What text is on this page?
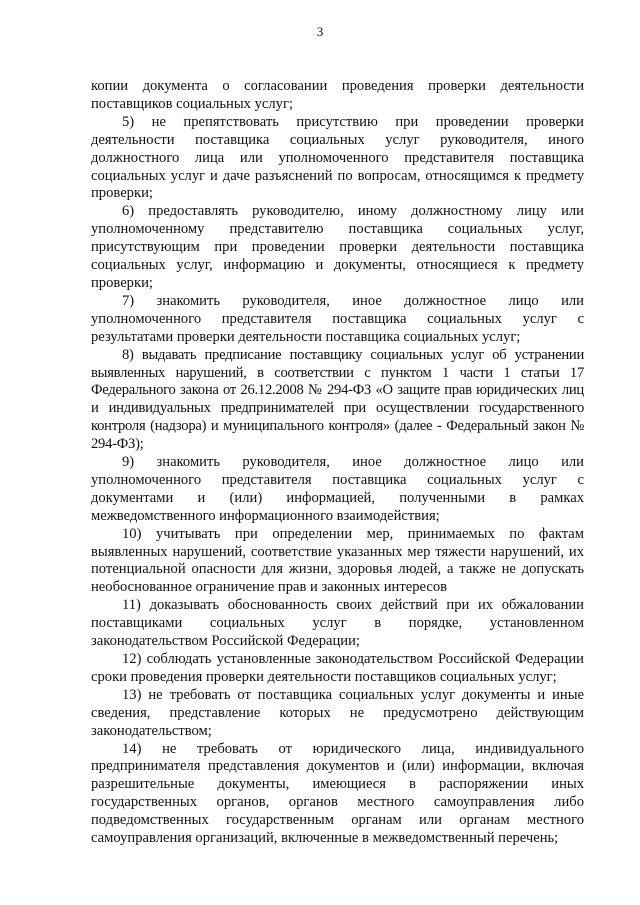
3

копии документа о согласовании проведения проверки деятельности поставщиков социальных услуг;

5) не препятствовать присутствию при проведении проверки деятельности поставщика социальных услуг руководителя, иного должностного лица или уполномоченного представителя поставщика социальных услуг и даче разъяснений по вопросам, относящимся к предмету проверки;

6) предоставлять руководителю, иному должностному лицу или уполномоченному представителю поставщика социальных услуг, присутствующим при проведении проверки деятельности поставщика социальных услуг, информацию и документы, относящиеся к предмету проверки;

7) знакомить руководителя, иное должностное лицо или уполномоченного представителя поставщика социальных услуг с результатами проверки деятельности поставщика социальных услуг;

8) выдавать предписание поставщику социальных услуг об устранении выявленных нарушений, в соответствии с пунктом 1 части 1 статьи 17 Федерального закона от 26.12.2008 № 294-ФЗ «О защите прав юридических лиц и индивидуальных предпринимателей при осуществлении государственного контроля (надзора) и муниципального контроля» (далее - Федеральный закон № 294-ФЗ);

9) знакомить руководителя, иное должностное лицо или уполномоченного представителя поставщика социальных услуг с документами и (или) информацией, полученными в рамках межведомственного информационного взаимодействия;

10) учитывать при определении мер, принимаемых по фактам выявленных нарушений, соответствие указанных мер тяжести нарушений, их потенциальной опасности для жизни, здоровья людей, а также не допускать необоснованное ограничение прав и законных интересов

11) доказывать обоснованность своих действий при их обжаловании поставщиками социальных услуг в порядке, установленном законодательством Российской Федерации;

12) соблюдать установленные законодательством Российской Федерации сроки проведения проверки деятельности поставщиков социальных услуг;

13) не требовать от поставщика социальных услуг документы и иные сведения, представление которых не предусмотрено действующим законодательством;

14) не требовать от юридического лица, индивидуального предпринимателя представления документов и (или) информации, включая разрешительные документы, имеющиеся в распоряжении иных государственных органов, органов местного самоуправления либо подведомственных государственным органам или органам местного самоуправления организаций, включенные в межведомственный перечень;
